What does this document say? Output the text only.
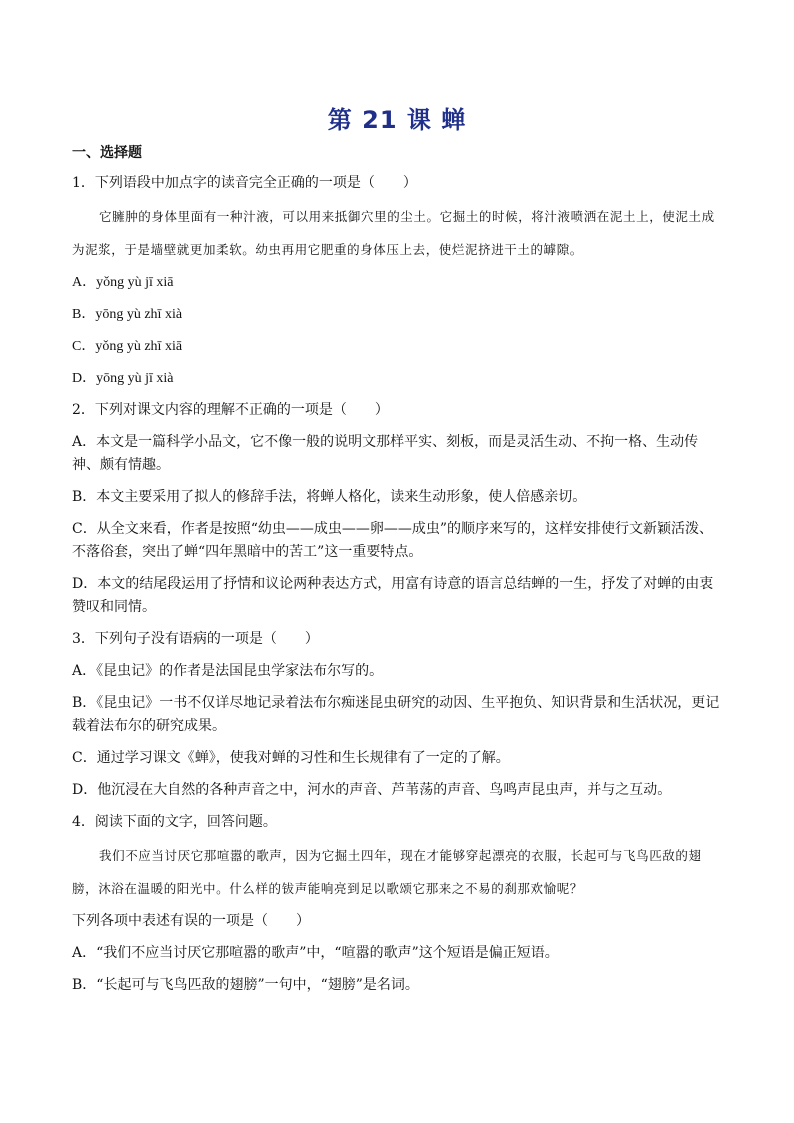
第 21 课 蝉
一、选择题

1．下列语段中加点字的读音完全正确的一项是（　　）

它臃肿的身体里面有一种汁液，可以用来抵御穴里的尘土。它掘土的时候，将汁液喷洒在泥土上，使泥土成为泥浆，于是墙壁就更加柔软。幼虫再用它肥重的身体压上去，使烂泥挤进干土的罅隙。

A．yǒng yù jī xiā

B．yōng yù zhī xià

C．yǒng yù zhī xiā

D．yōng yù jī xià

2．下列对课文内容的理解不正确的一项是（　　）

A．本文是一篇科学小品文，它不像一般的说明文那样平实、刻板，而是灵活生动、不拘一格、生动传神、颇有情趣。

B．本文主要采用了拟人的修辞手法，将蝉人格化，读来生动形象，使人倍感亲切。

C．从全文来看，作者是按照“幼虫——成虫——卵——成虫”的顺序来写的，这样安排使行文新颖活泼、不落俗套，突出了蝉“四年黑暗中的苦工”这一重要特点。

D．本文的结尾段运用了抒情和议论两种表达方式，用富有诗意的语言总结蝉的一生，抒发了对蝉的由衷赞叹和同情。

3．下列句子没有语病的一项是（　　）

A．《昆虫记》的作者是法国昆虫学家法布尔写的。

B．《昆虫记》一书不仅详尽地记录着法布尔痴迷昆虫研究的动因、生平抱负、知识背景和生活状况，更记载着法布尔的研究成果。

C．通过学习课文《蝉》，使我对蝉的习性和生长规律有了一定的了解。

D．他沉浸在大自然的各种声音之中，河水的声音、芦苇荡的声音、鸟鸣声昆虫声，并与之互动。

4．阅读下面的文字，回答问题。

我们不应当讨厌它那喧嚣的歌声，因为它掘土四年，现在才能够穿起漂亮的衣服，长起可与飞鸟匹敌的翅膀，沐浴在温暖的阳光中。什么样的钹声能响亮到足以歌颂它那来之不易的刹那欢愉呢？

下列各项中表述有误的一项是（　　）

A．“我们不应当讨厌它那喧嚣的歌声”中，“喧嚣的歌声”这个短语是偏正短语。

B．“长起可与飞鸟匹敌的翅膀”一句中，“翅膀”是名词。
